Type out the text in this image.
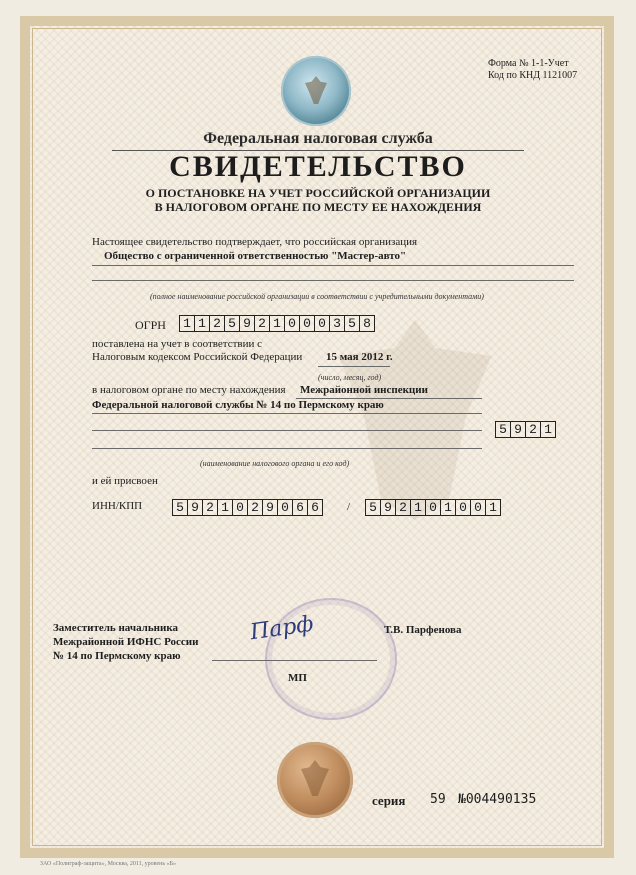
Форма № 1-1-Учет
Код по КНД 1121007
Федеральная налоговая служба
СВИДЕТЕЛЬСТВО
О ПОСТАНОВКЕ НА УЧЕТ РОССИЙСКОЙ ОРГАНИЗАЦИИ
В НАЛОГОВОМ ОРГАНЕ ПО МЕСТУ ЕЕ НАХОЖДЕНИЯ
Настоящее свидетельство подтверждает, что российская организация
Общество с ограниченной ответственностью "Мастер-авто"
(полное наименование российской организации в соответствии с учредительными документами)
ОГРН	1 1 2 5 9 2 1 0 0 0 3 5 8
поставлена на учет в соответствии с
Налоговым кодексом Российской Федерации 15 мая 2012 г.
(число, месяц, год)
в налоговом органе по месту нахождения Межрайонной инспекции
Федеральной налоговой службы № 14 по Пермскому краю
5 9 2 1
(наименование налогового органа и его код)
и ей присвоен
ИНН/КПП	5 9 2 1 0 2 9 0 6 6	/	5 9 2 1 0 1 0 0 1
Парф
Заместитель начальника
Межрайонной ИФНС России
№ 14 по Пермскому краю
Т.В. Парфенова
МП
серия 59 №004490135
ЗАО «Полиграф-защита», Москва, 2011, уровень «Б»
